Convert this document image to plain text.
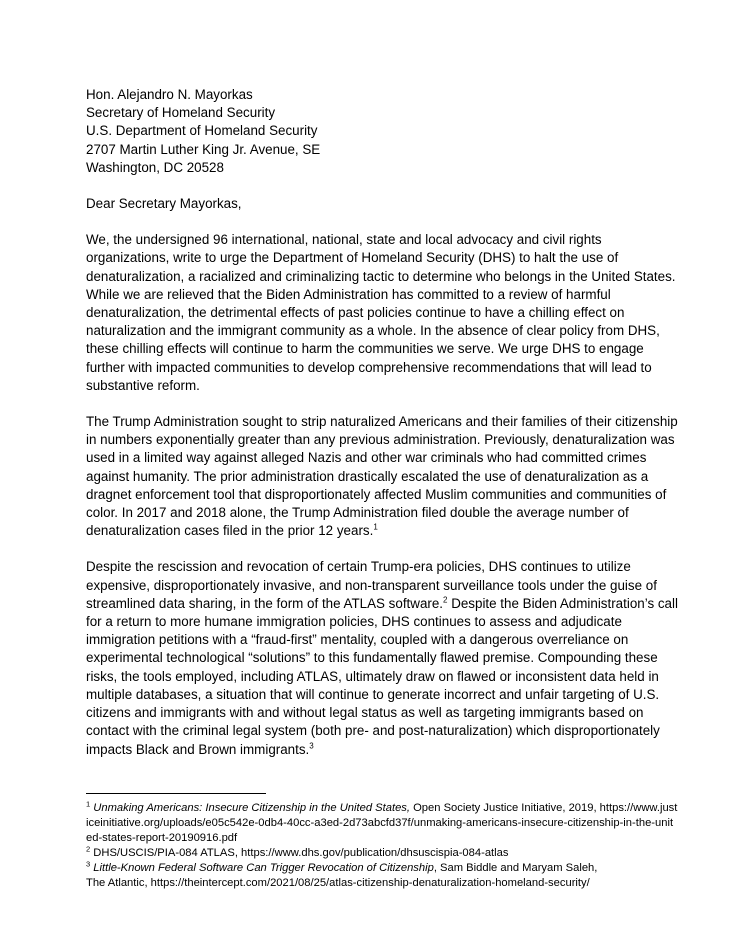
Hon. Alejandro N. Mayorkas
Secretary of Homeland Security
U.S. Department of Homeland Security
2707 Martin Luther King Jr. Avenue, SE
Washington, DC 20528
Dear Secretary Mayorkas,

We, the undersigned 96 international, national, state and local advocacy and civil rights organizations, write to urge the Department of Homeland Security (DHS) to halt the use of denaturalization, a racialized and criminalizing tactic to determine who belongs in the United States. While we are relieved that the Biden Administration has committed to a review of harmful denaturalization, the detrimental effects of past policies continue to have a chilling effect on naturalization and the immigrant community as a whole. In the absence of clear policy from DHS, these chilling effects will continue to harm the communities we serve. We urge DHS to engage further with impacted communities to develop comprehensive recommendations that will lead to substantive reform.

The Trump Administration sought to strip naturalized Americans and their families of their citizenship in numbers exponentially greater than any previous administration. Previously, denaturalization was used in a limited way against alleged Nazis and other war criminals who had committed crimes against humanity. The prior administration drastically escalated the use of denaturalization as a dragnet enforcement tool that disproportionately affected Muslim communities and communities of color. In 2017 and 2018 alone, the Trump Administration filed double the average number of denaturalization cases filed in the prior 12 years.$^1$

Despite the rescission and revocation of certain Trump-era policies, DHS continues to utilize expensive, disproportionately invasive, and non-transparent surveillance tools under the guise of streamlined data sharing, in the form of the ATLAS software.$^2$ Despite the Biden Administration’s call for a return to more humane immigration policies, DHS continues to assess and adjudicate immigration petitions with a “fraud-first” mentality, coupled with a dangerous overreliance on experimental technological “solutions” to this fundamentally flawed premise. Compounding these risks, the tools employed, including ATLAS, ultimately draw on flawed or inconsistent data held in multiple databases, a situation that will continue to generate incorrect and unfair targeting of U.S. citizens and immigrants with and without legal status as well as targeting immigrants based on contact with the criminal legal system (both pre- and post-naturalization) which disproportionately impacts Black and Brown immigrants.$^3$

$^1$ Unmaking Americans: Insecure Citizenship in the United States, Open Society Justice Initiative, 2019, https://www.justiceinitiative.org/uploads/e05c542e-0db4-40cc-a3ed-2d73abcfd37f/unmaking-americans-insecure-citizenship-in-the-united-states-report-20190916.pdf
$^2$ DHS/USCIS/PIA-084 ATLAS, https://www.dhs.gov/publication/dhsuscispia-084-atlas
$^3$ Little-Known Federal Software Can Trigger Revocation of Citizenship, Sam Biddle and Maryam Saleh,
The Atlantic, https://theintercept.com/2021/08/25/atlas-citizenship-denaturalization-homeland-security/
